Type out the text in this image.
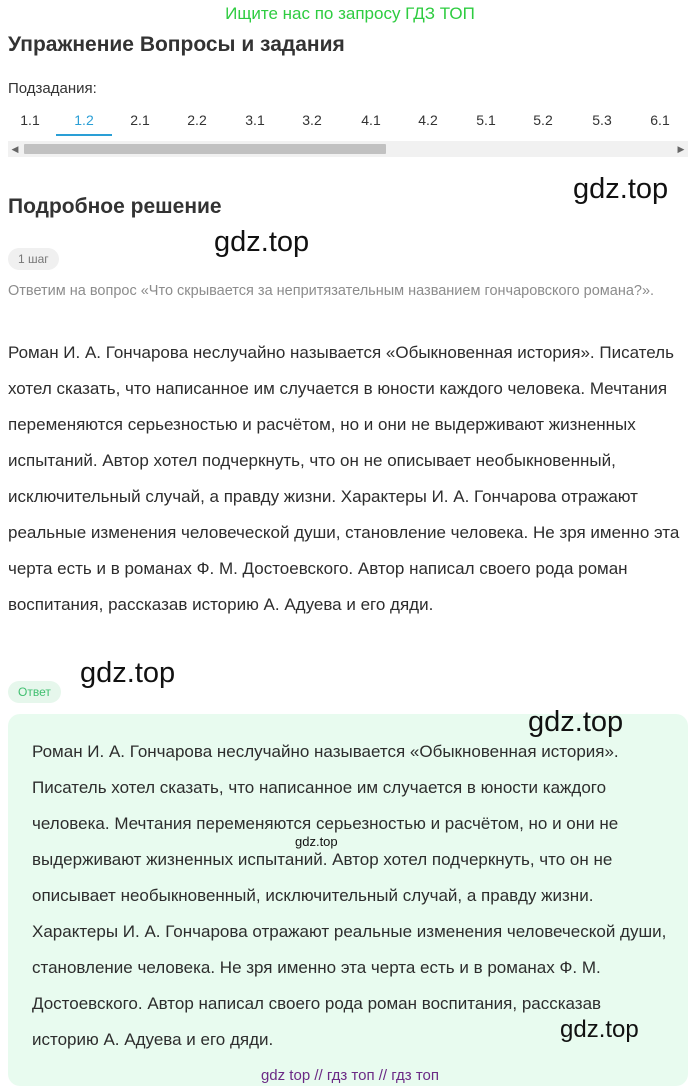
Ищите нас по запросу ГДЗ ТОП
Упражнение Вопросы и задания
Подзадания:
1.1	1.2	2.1	2.2	3.1	3.2	4.1	4.2	5.1	5.2	5.3	6.1
◀	▶
gdz.top
Подробное решение
gdz.top
1 шаг
Ответим на вопрос «Что скрывается за непритязательным названием гончаровского романа?».
Роман И. А. Гончарова неслучайно называется «Обыкновенная история». Писатель хотел сказать, что написанное им случается в юности каждого человека. Мечтания переменяются серьезностью и расчётом, но и они не выдерживают жизненных испытаний. Автор хотел подчеркнуть, что он не описывает необыкновенный, исключительный случай, а правду жизни. Характеры И. А. Гончарова отражают реальные изменения человеческой души, становление человека. Не зря именно эта черта есть и в романах Ф. М. Достоевского. Автор написал своего рода роман воспитания, рассказав историю А. Адуева и его дяди.
gdz.top
Ответ
Роман И. А. Гончарова неслучайно называется «Обыкновенная история». Писатель хотел сказать, что написанное им случается в юности каждого человека. Мечтания переменяются серьезностью и расчётом, но и они не выдерживают жизненных испытаний. Автор хотел подчеркнуть, что он не описывает необыкновенный, исключительный случай, а правду жизни. Характеры И. А. Гончарова отражают реальные изменения человеческой души, становление человека. Не зря именно эта черта есть и в романах Ф. М. Достоевского. Автор написал своего рода роман воспитания, рассказав историю А. Адуева и его дяди.
gdz.top
gdz.top
gdz.top
gdz top // гдз топ // гдз топ
